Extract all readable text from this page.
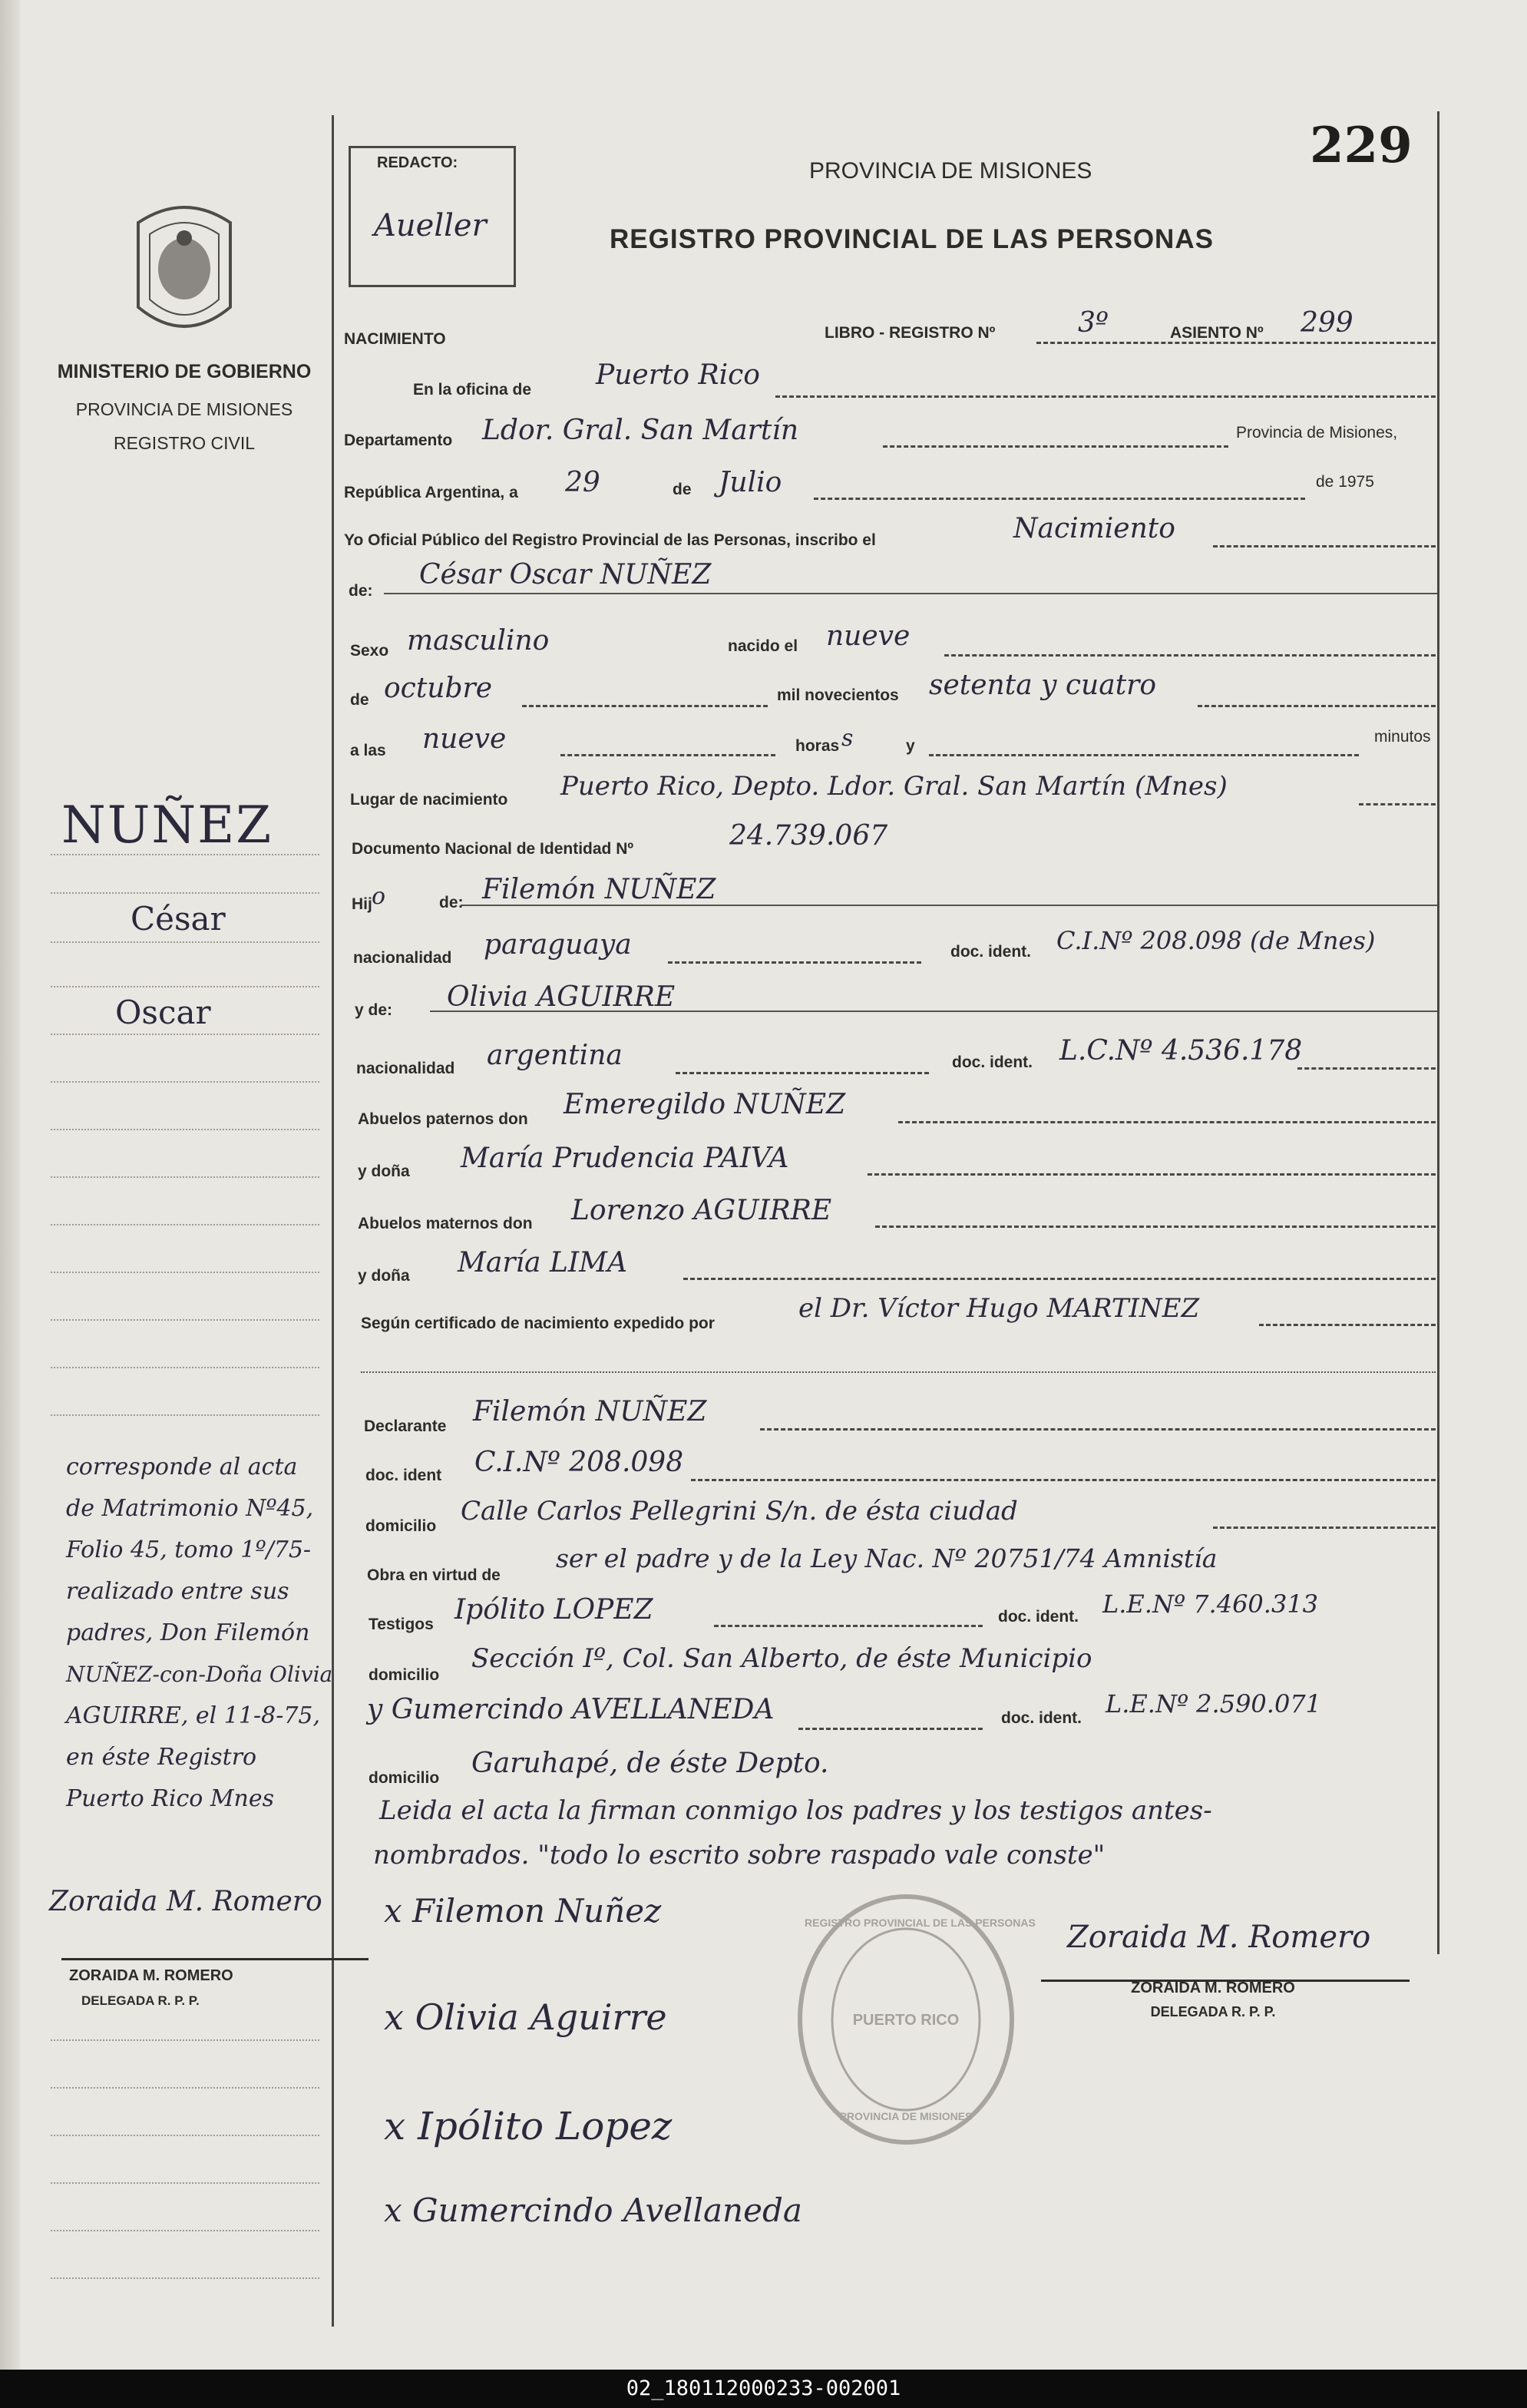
REDACTO:
Aueller
PROVINCIA DE MISIONES
REGISTRO PROVINCIAL DE LAS PERSONAS
229
MINISTERIO DE GOBIERNO
PROVINCIA DE MISIONES
REGISTRO CIVIL
NACIMIENTO	LIBRO - REGISTRO Nº	3º	ASIENTO Nº 299
En la oficina de Puerto Rico
Departamento Ldor. Gral. San Martín	Provincia de Misiones,
República Argentina, a 29	de Julio	de 1975
Yo Oficial Público del Registro Provincial de las Personas, inscribo el	Nacimiento
de:
César Oscar NUÑEZ
Sexo masculino	nacido el nueve
de octubre	mil novecientos setenta y cuatro
a las nueve	horas s	y
minutos
Lugar de nacimiento Puerto Rico, Depto. Ldor. Gral. San Martín (Mnes)
Documento Nacional de Identidad Nº	24.739.067
Hij o	de: Filemón NUÑEZ
nacionalidad paraguaya	doc. ident. C.I.Nº 208.098 (de Mnes)
y de: Olivia AGUIRRE
nacionalidad argentina	doc. ident. L.C.Nº 4.536.178
Abuelos paternos don Emeregildo NUÑEZ
y doña María Prudencia PAIVA
Abuelos maternos don Lorenzo AGUIRRE
y doña María LIMA
Según certificado de nacimiento expedido por	el Dr. Víctor Hugo MARTINEZ
Declarante Filemón NUÑEZ
doc. ident C.I.Nº 208.098
domicilio Calle Carlos Pellegrini S/n. de ésta ciudad
Obra en virtud de
ser el padre y de la Ley Nac. Nº 20751/74 Amnistía
Testigos Ipólito LOPEZ	doc. ident. L.E.Nº 7.460.313
domicilio
Sección Iº, Col. San Alberto, de éste Municipio
y Gumercindo AVELLANEDA	doc. ident. L.E.Nº 2.590.071
domicilio Garuhapé, de éste Depto.
Leida el acta la firman conmigo los padres y los testigos antes-
nombrados. "todo lo escrito sobre raspado vale conste"
x Filemon Nuñez
x Olivia Aguirre
x Ipólito Lopez
x Gumercindo Avellaneda
REGISTRO PROVINCIAL DE LAS PERSONAS
PUERTO RICO
PROVINCIA DE MISIONES
Zoraida M. Romero
ZORAIDA M. ROMERO
DELEGADA R. P. P.
NUÑEZ
César
Oscar
corresponde al acta
de Matrimonio Nº45,
Folio 45, tomo 1º/75-
realizado entre sus
padres, Don Filemón
NUÑEZ-con-Doña Olivia
AGUIRRE, el 11-8-75,
en éste Registro
Puerto Rico Mnes
Zoraida M. Romero
ZORAIDA M. ROMERO
DELEGADA R. P. P.
02_180112000233-002001
